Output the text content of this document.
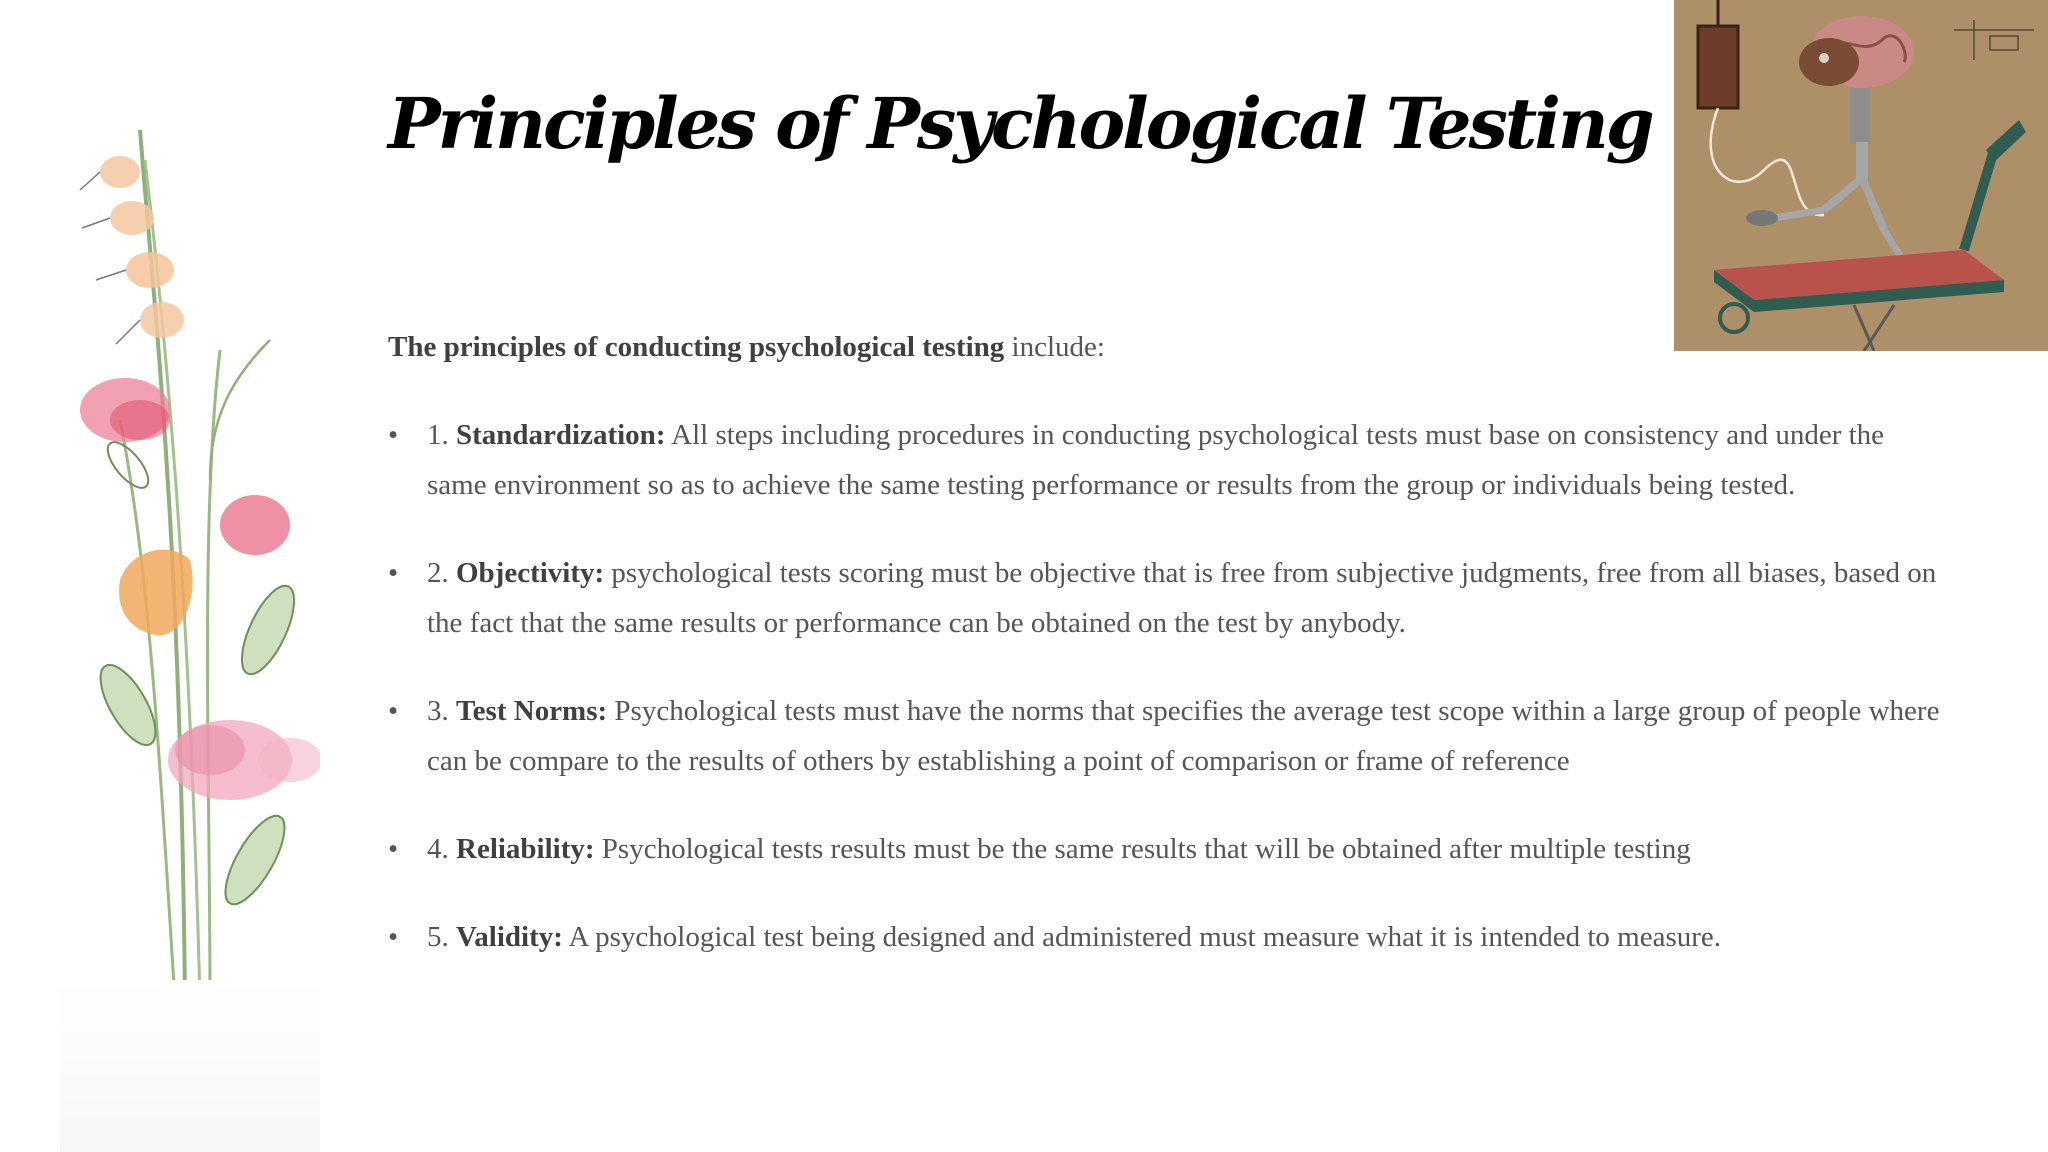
Principles of Psychological Testing

The principles of conducting psychological testing include:

• 1. Standardization: All steps including procedures in conducting psychological tests must base on consistency and under the same environment so as to achieve the same testing performance or results from the group or individuals being tested.
• 2. Objectivity: psychological tests scoring must be objective that is free from subjective judgments, free from all biases, based on the fact that the same results or performance can be obtained on the test by anybody.
• 3. Test Norms: Psychological tests must have the norms that specifies the average test scope within a large group of people where can be compare to the results of others by establishing a point of comparison or frame of reference
• 4. Reliability: Psychological tests results must be the same results that will be obtained after multiple testing
• 5. Validity: A psychological test being designed and administered must measure what it is intended to measure.
